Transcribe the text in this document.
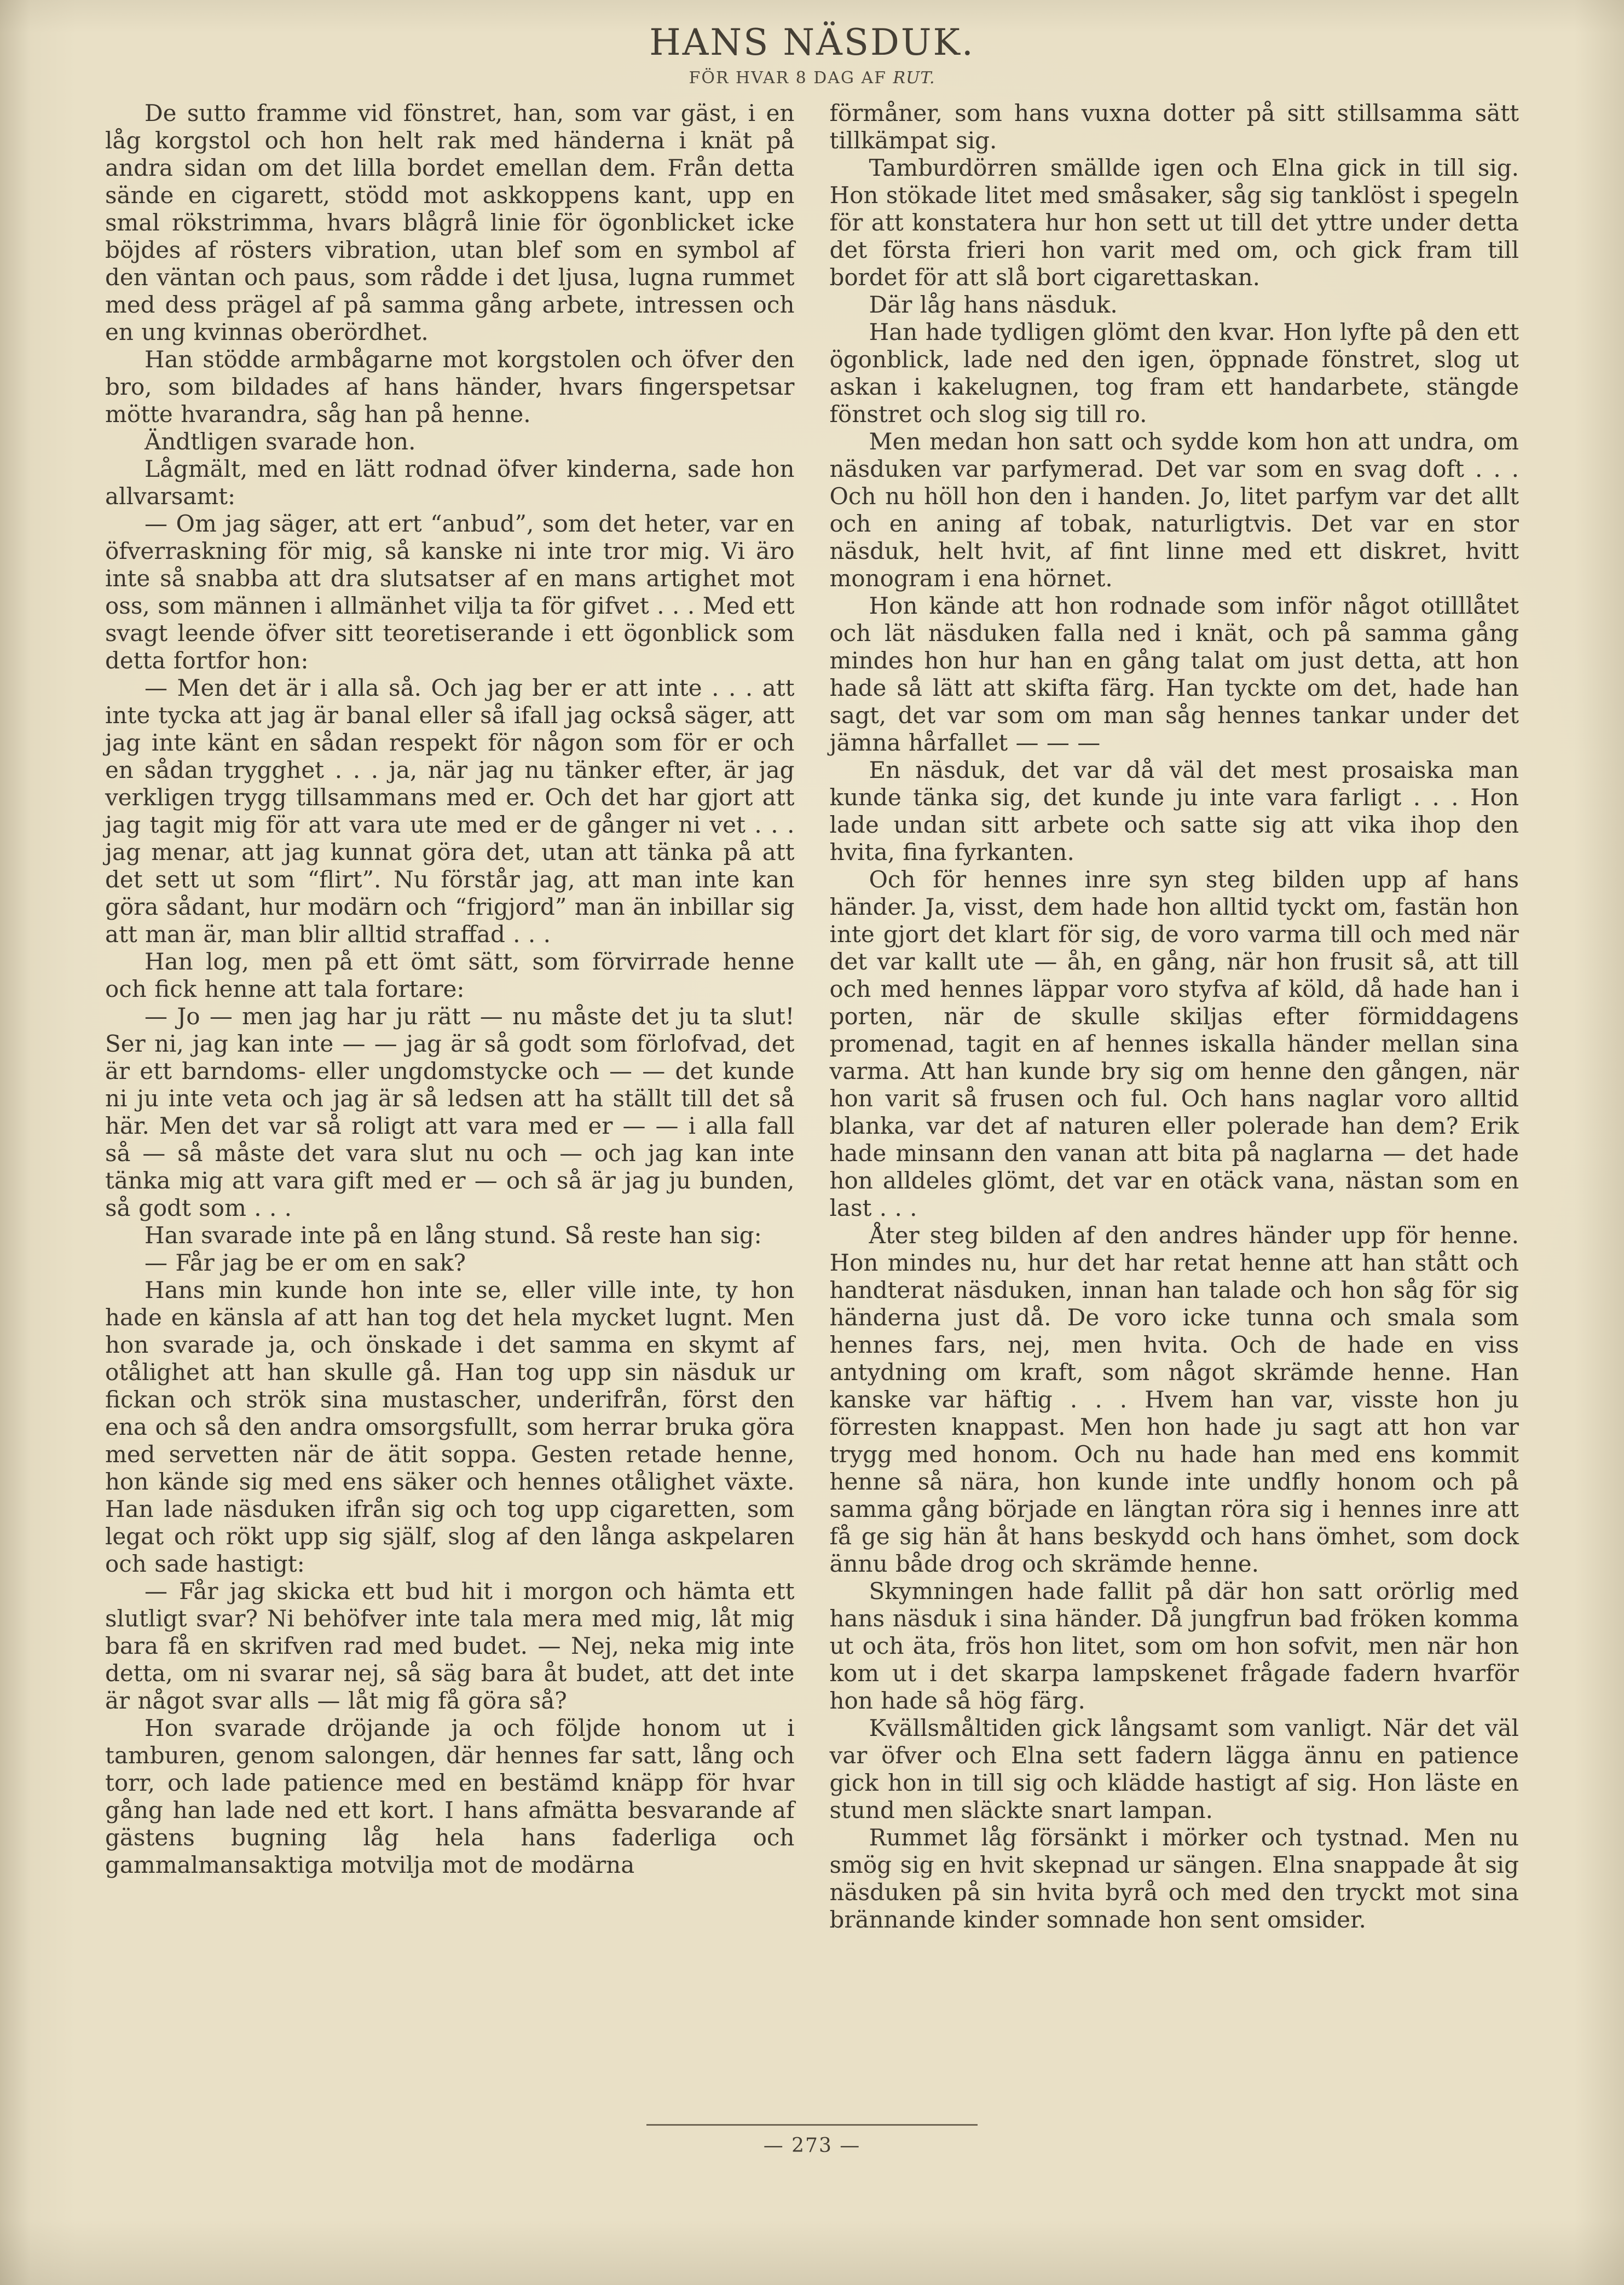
HANS NÄSDUK.
FÖR HVAR 8 DAG AF RUT.

De sutto framme vid fönstret, han, som var gäst, i en låg korgstol och hon helt rak med händerna i knät på andra sidan om det lilla bordet emellan dem. Från detta sände en cigarett, stödd mot askkoppens kant, upp en smal rökstrimma, hvars blågrå linie för ögonblicket icke böjdes af rösters vibration, utan blef som en symbol af den väntan och paus, som rådde i det ljusa, lugna rummet med dess prägel af på samma gång arbete, intressen och en ung kvinnas oberördhet.

Han stödde armbågarne mot korgstolen och öfver den bro, som bildades af hans händer, hvars fingerspetsar mötte hvarandra, såg han på henne.

Ändtligen svarade hon.

Lågmält, med en lätt rodnad öfver kinderna, sade hon allvarsamt:

— Om jag säger, att ert “anbud”, som det heter, var en öfverraskning för mig, så kanske ni inte tror mig. Vi äro inte så snabba att dra slutsatser af en mans artighet mot oss, som männen i allmänhet vilja ta för gifvet . . . Med ett svagt leende öfver sitt teoretiserande i ett ögonblick som detta fortfor hon:

— Men det är i alla så. Och jag ber er att inte . . . att inte tycka att jag är banal eller så ifall jag också säger, att jag inte känt en sådan respekt för någon som för er och en sådan trygghet . . . ja, när jag nu tänker efter, är jag verkligen trygg tillsammans med er. Och det har gjort att jag tagit mig för att vara ute med er de gånger ni vet . . . jag menar, att jag kunnat göra det, utan att tänka på att det sett ut som “flirt”. Nu förstår jag, att man inte kan göra sådant, hur modärn och “frigjord” man än inbillar sig att man är, man blir alltid straffad . . .

Han log, men på ett ömt sätt, som förvirrade henne och fick henne att tala fortare:

— Jo — men jag har ju rätt — nu måste det ju ta slut! Ser ni, jag kan inte — — jag är så godt som förlofvad, det är ett barndoms- eller ungdomstycke och — — det kunde ni ju inte veta och jag är så ledsen att ha ställt till det så här. Men det var så roligt att vara med er — — i alla fall så — så måste det vara slut nu och — och jag kan inte tänka mig att vara gift med er — och så är jag ju bunden, så godt som . . .

Han svarade inte på en lång stund. Så reste han sig:

— Får jag be er om en sak?

Hans min kunde hon inte se, eller ville inte, ty hon hade en känsla af att han tog det hela mycket lugnt. Men hon svarade ja, och önskade i det samma en skymt af otålighet att han skulle gå. Han tog upp sin näsduk ur fickan och strök sina mustascher, underifrån, först den ena och så den andra omsorgsfullt, som herrar bruka göra med servetten när de ätit soppa. Gesten retade henne, hon kände sig med ens säker och hennes otålighet växte. Han lade näsduken ifrån sig och tog upp cigaretten, som legat och rökt upp sig själf, slog af den långa askpelaren och sade hastigt:

— Får jag skicka ett bud hit i morgon och hämta ett slutligt svar? Ni behöfver inte tala mera med mig, låt mig bara få en skrifven rad med budet. — Nej, neka mig inte detta, om ni svarar nej, så säg bara åt budet, att det inte är något svar alls — låt mig få göra så?

Hon svarade dröjande ja och följde honom ut i tamburen, genom salongen, där hennes far satt, lång och torr, och lade patience med en bestämd knäpp för hvar gång han lade ned ett kort. I hans afmätta besvarande af gästens bugning låg hela hans faderliga och gammalmansaktiga motvilja mot de modärna

förmåner, som hans vuxna dotter på sitt stillsamma sätt tillkämpat sig.

Tamburdörren smällde igen och Elna gick in till sig. Hon stökade litet med småsaker, såg sig tanklöst i spegeln för att konstatera hur hon sett ut till det yttre under detta det första frieri hon varit med om, och gick fram till bordet för att slå bort cigarettaskan.

Där låg hans näsduk.

Han hade tydligen glömt den kvar. Hon lyfte på den ett ögonblick, lade ned den igen, öppnade fönstret, slog ut askan i kakelugnen, tog fram ett handarbete, stängde fönstret och slog sig till ro.

Men medan hon satt och sydde kom hon att undra, om näsduken var parfymerad. Det var som en svag doft . . . Och nu höll hon den i handen. Jo, litet parfym var det allt och en aning af tobak, naturligtvis. Det var en stor näsduk, helt hvit, af fint linne med ett diskret, hvitt monogram i ena hörnet.

Hon kände att hon rodnade som inför något otilllåtet och lät näsduken falla ned i knät, och på samma gång mindes hon hur han en gång talat om just detta, att hon hade så lätt att skifta färg. Han tyckte om det, hade han sagt, det var som om man såg hennes tankar under det jämna hårfallet — — —

En näsduk, det var då väl det mest prosaiska man kunde tänka sig, det kunde ju inte vara farligt . . . Hon lade undan sitt arbete och satte sig att vika ihop den hvita, fina fyrkanten.

Och för hennes inre syn steg bilden upp af hans händer. Ja, visst, dem hade hon alltid tyckt om, fastän hon inte gjort det klart för sig, de voro varma till och med när det var kallt ute — åh, en gång, när hon frusit så, att till och med hennes läppar voro styfva af köld, då hade han i porten, när de skulle skiljas efter förmiddagens promenad, tagit en af hennes iskalla händer mellan sina varma. Att han kunde bry sig om henne den gången, när hon varit så frusen och ful. Och hans naglar voro alltid blanka, var det af naturen eller polerade han dem? Erik hade minsann den vanan att bita på naglarna — det hade hon alldeles glömt, det var en otäck vana, nästan som en last . . .

Åter steg bilden af den andres händer upp för henne. Hon mindes nu, hur det har retat henne att han stått och handterat näsduken, innan han talade och hon såg för sig händerna just då. De voro icke tunna och smala som hennes fars, nej, men hvita. Och de hade en viss antydning om kraft, som något skrämde henne. Han kanske var häftig . . . Hvem han var, visste hon ju förresten knappast. Men hon hade ju sagt att hon var trygg med honom. Och nu hade han med ens kommit henne så nära, hon kunde inte undfly honom och på samma gång började en längtan röra sig i hennes inre att få ge sig hän åt hans beskydd och hans ömhet, som dock ännu både drog och skrämde henne.

Skymningen hade fallit på där hon satt orörlig med hans näsduk i sina händer. Då jungfrun bad fröken komma ut och äta, frös hon litet, som om hon sofvit, men när hon kom ut i det skarpa lampskenet frågade fadern hvarför hon hade så hög färg.

Kvällsmåltiden gick långsamt som vanligt. När det väl var öfver och Elna sett fadern lägga ännu en patience gick hon in till sig och klädde hastigt af sig. Hon läste en stund men släckte snart lampan.

Rummet låg försänkt i mörker och tystnad. Men nu smög sig en hvit skepnad ur sängen. Elna snappade åt sig näsduken på sin hvita byrå och med den tryckt mot sina brännande kinder somnade hon sent omsider.

— 273 —
